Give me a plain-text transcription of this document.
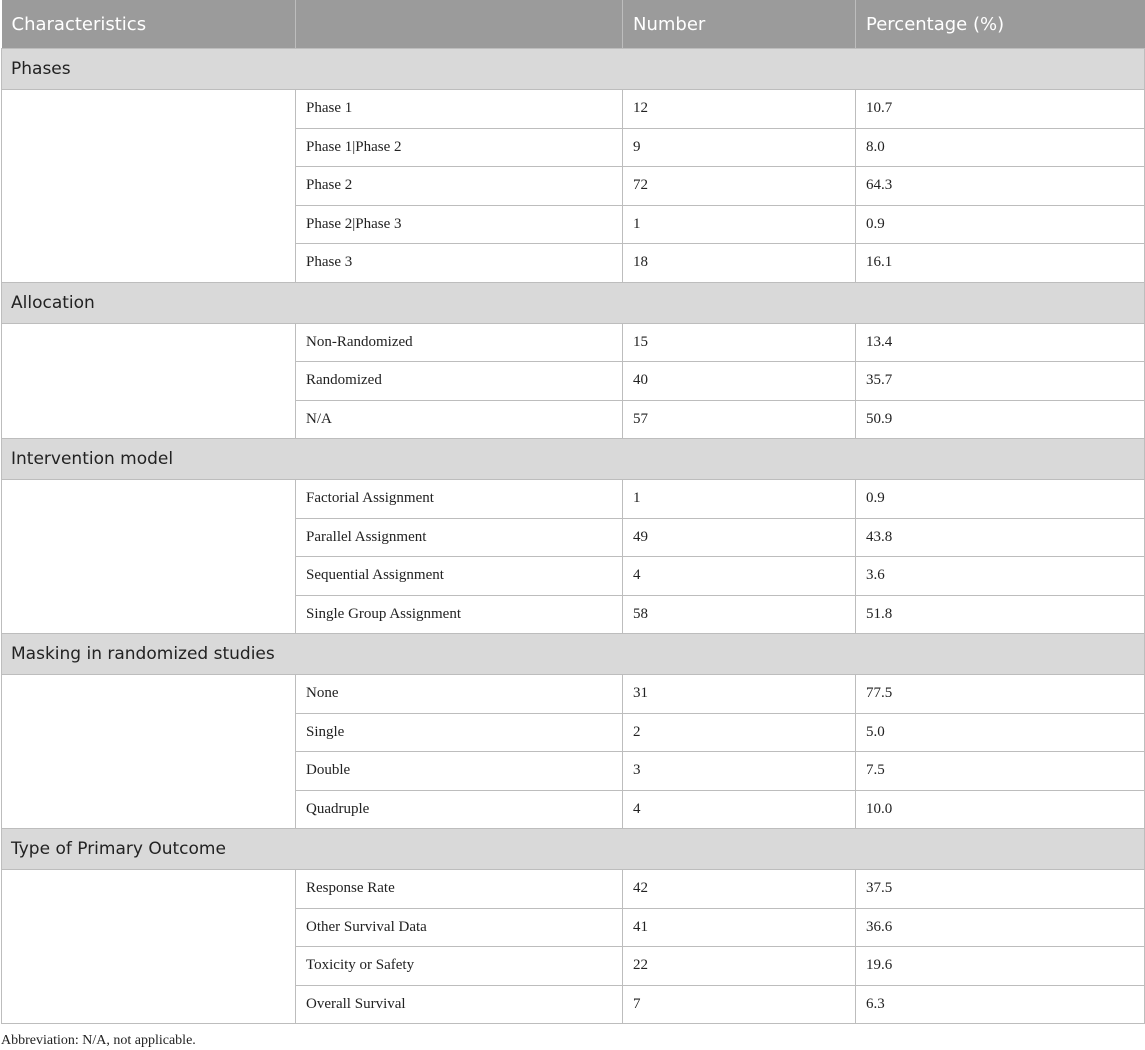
Characteristics		Number	Percentage (%)
Phases			
	Phase 1	12	10.7
	Phase 1|Phase 2	9	8.0
	Phase 2	72	64.3
	Phase 2|Phase 3	1	0.9
	Phase 3	18	16.1
Allocation			
	Non-Randomized	15	13.4
	Randomized	40	35.7
	N/A	57	50.9
Intervention model			
	Factorial Assignment	1	0.9
	Parallel Assignment	49	43.8
	Sequential Assignment	4	3.6
	Single Group Assignment	58	51.8
Masking in randomized studies			
	None	31	77.5
	Single	2	5.0
	Double	3	7.5
	Quadruple	4	10.0
Type of Primary Outcome			
	Response Rate	42	37.5
	Other Survival Data	41	36.6
	Toxicity or Safety	22	19.6
	Overall Survival	7	6.3
Abbreviation: N/A, not applicable.
